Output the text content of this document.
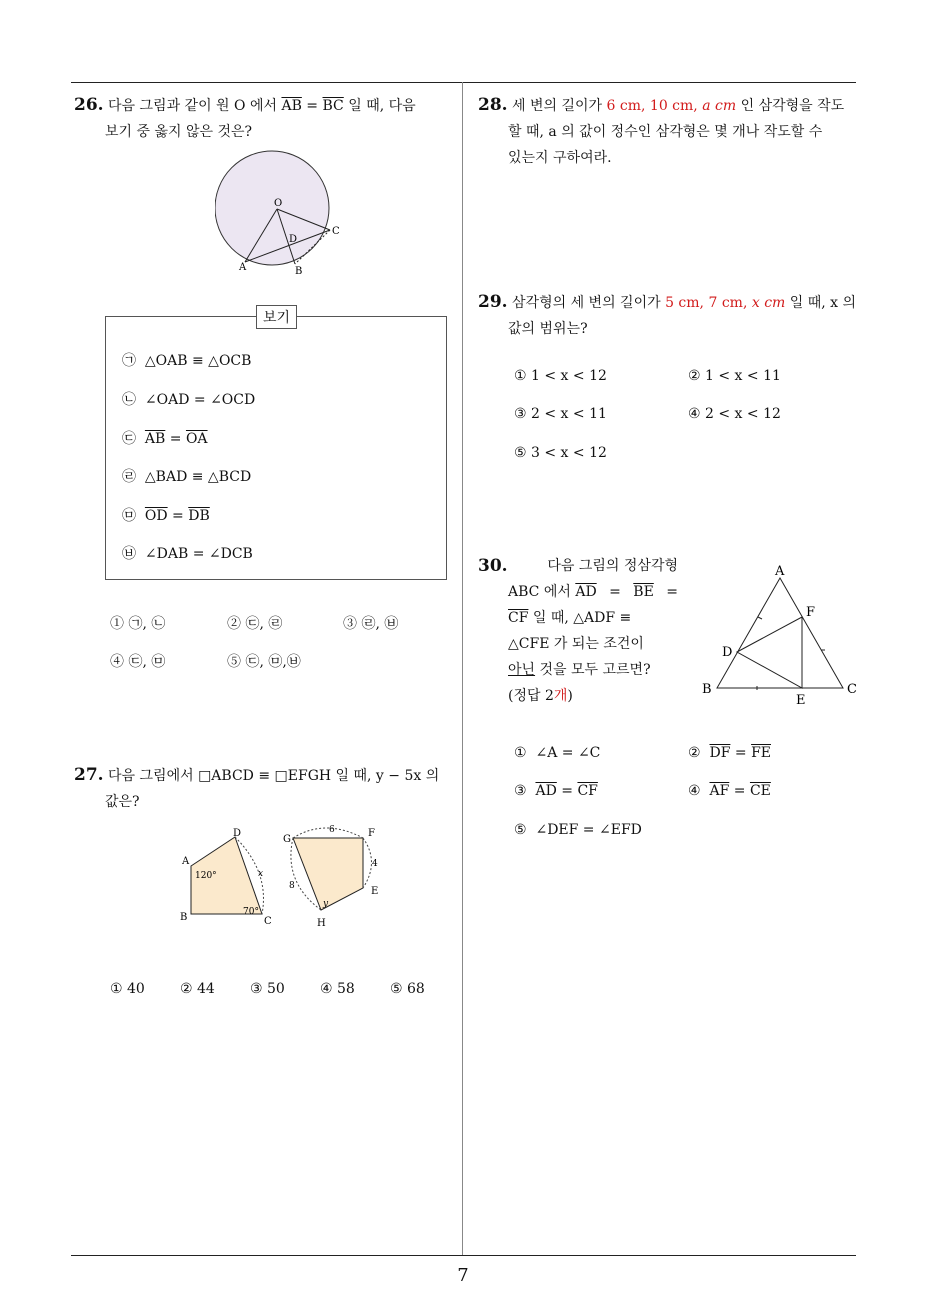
26. 다음 그림과 같이 원 O 에서 $\overline{AB} = \overline{BC}$ 일 때, 다음
보기 중 옳지 않은 것은?
O
D
C
A	B
보기
㉠ △OAB ≡ △OCB
㉡ ∠OAD = ∠OCD
㉢ $\overline{AB} = \overline{OA}$
㉣ △BAD ≡ △BCD
㉤ $\overline{OD} = \overline{DB}$
㉥ ∠DAB = ∠DCB
① ㉠, ㉡	② ㉢, ㉣	③ ㉣, ㉥
④ ㉢, ㉤	⑤ ㉢, ㉤,㉥
27. 다음 그림에서 □ABCD ≡ □EFGH 일 때, y − 5x 의
값은?
A
D
B	C
120°
70°
x
G
F
E
H
6
4
8
y
① 40	② 44	③ 50	④ 58	⑤ 68
28. 세 변의 길이가 6 cm, 10 cm, a cm 인 삼각형을 작도
할 때, a 의 값이 정수인 삼각형은 몇 개나 작도할 수
있는지 구하여라.
29. 삼각형의 세 변의 길이가 5 cm, 7 cm, x cm 일 때, x 의
값의 범위는?
① 1 < x < 12	② 1 < x < 11
③ 2 < x < 11	④ 2 < x < 12
⑤ 3 < x < 12
30.	다음 그림의 정삼각형
ABC 에서 $\overline{AD} = \overline{BE}$ =
$\overline{CF}$ 일 때, △ADF ≡
△CFE 가 되는 조건이
아닌 것을 모두 고르면?
(정답 2개)
A
F
D
B	C
E
① ∠A = ∠C	② $\overline{DF} = \overline{FE}$
③ $\overline{AD} = \overline{CF}$	④ $\overline{AF} = \overline{CE}$
⑤ ∠DEF = ∠EFD
7
